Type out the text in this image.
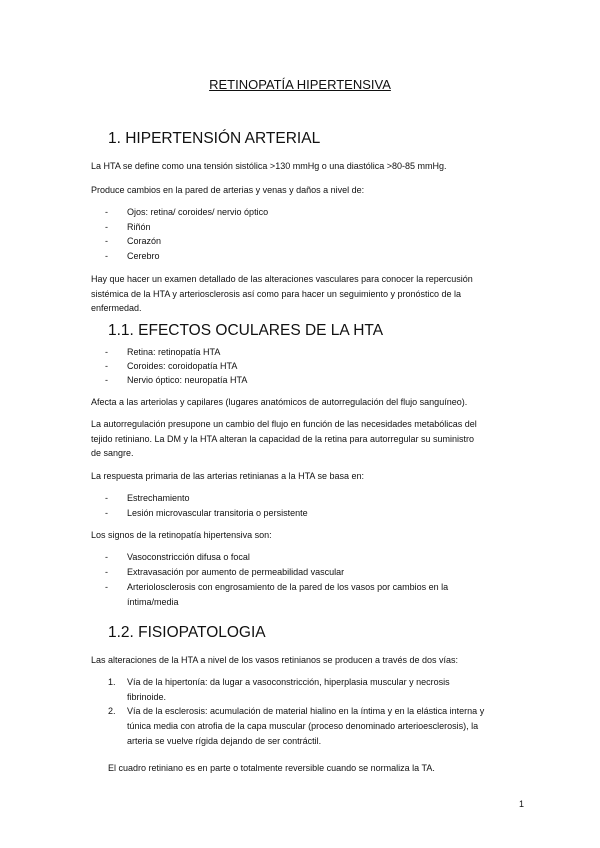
RETINOPATÍA HIPERTENSIVA
1. HIPERTENSIÓN ARTERIAL
La HTA se define como una tensión sistólica >130 mmHg o una diastólica >80-85 mmHg.
Produce cambios en la pared de arterias y venas y daños a nivel de:
- Ojos: retina/ coroides/ nervio óptico
- Riñón
- Corazón
- Cerebro
Hay que hacer un examen detallado de las alteraciones vasculares para conocer la repercusión
sistémica de la HTA y arteriosclerosis así como para hacer un seguimiento y pronóstico de la
enfermedad.
1.1. EFECTOS OCULARES DE LA HTA
- Retina: retinopatía HTA
- Coroides: coroidopatía HTA
- Nervio óptico: neuropatía HTA
Afecta a las arteriolas y capilares (lugares anatómicos de autorregulación del flujo sanguíneo).
La autorregulación presupone un cambio del flujo en función de las necesidades metabólicas del
tejido retiniano. La DM y la HTA alteran la capacidad de la retina para autorregular su suministro
de sangre.
La respuesta primaria de las arterias retinianas a la HTA se basa en:
- Estrechamiento
- Lesión microvascular transitoria o persistente
Los signos de la retinopatía hipertensiva son:
- Vasoconstricción difusa o focal
- Extravasación por aumento de permeabilidad vascular
- Arteriolosclerosis con engrosamiento de la pared de los vasos por cambios en la
íntima/media
1.2. FISIOPATOLOGIA
Las alteraciones de la HTA a nivel de los vasos retinianos se producen a través de dos vías:
1. Vía de la hipertonía: da lugar a vasoconstricción, hiperplasia muscular y necrosis
fibrinoide.
2. Vía de la esclerosis: acumulación de material hialino en la íntima y en la elástica interna y
túnica media con atrofia de la capa muscular (proceso denominado arterioesclerosis), la
arteria se vuelve rígida dejando de ser contráctil.
El cuadro retiniano es en parte o totalmente reversible cuando se normaliza la TA.
1
